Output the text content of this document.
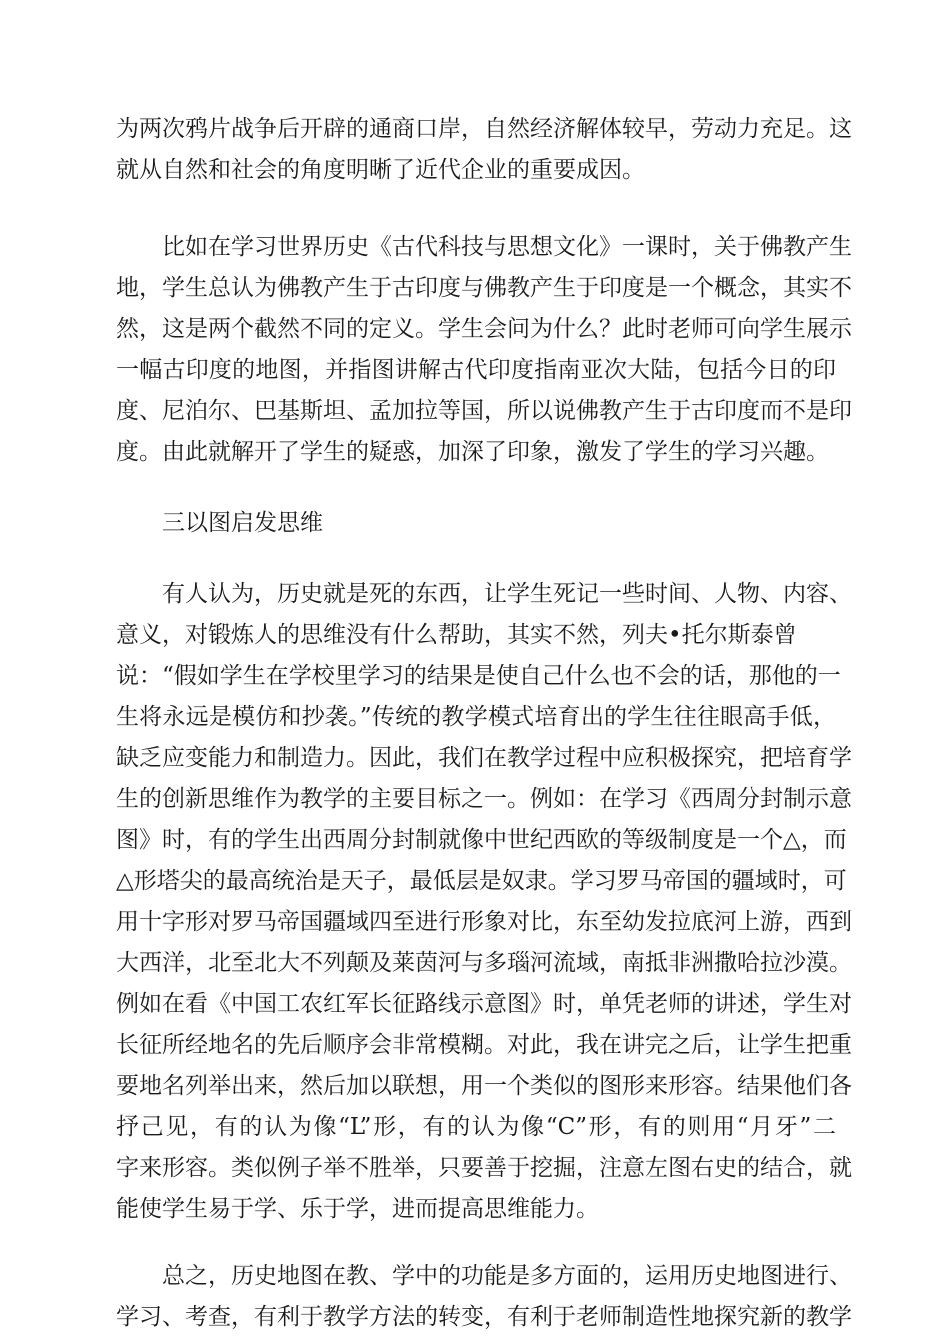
为两次鸦片战争后开辟的通商口岸，自然经济解体较早，劳动力充足。这
就从自然和社会的角度明晰了近代企业的重要成因。
比如在学习世界历史《古代科技与思想文化》一课时，关于佛教产生
地，学生总认为佛教产生于古印度与佛教产生于印度是一个概念，其实不
然，这是两个截然不同的定义。学生会问为什么？此时老师可向学生展示
一幅古印度的地图，并指图讲解古代印度指南亚次大陆，包括今日的印
度、尼泊尔、巴基斯坦、孟加拉等国，所以说佛教产生于古印度而不是印
度。由此就解开了学生的疑惑，加深了印象，激发了学生的学习兴趣。
三以图启发思维
有人认为，历史就是死的东西，让学生死记一些时间、人物、内容、
意义，对锻炼人的思维没有什么帮助，其实不然，列夫•托尔斯泰曾
说：“假如学生在学校里学习的结果是使自己什么也不会的话，那他的一
生将永远是模仿和抄袭。”传统的教学模式培育出的学生往往眼高手低，
缺乏应变能力和制造力。因此，我们在教学过程中应积极探究，把培育学
生的创新思维作为教学的主要目标之一。例如：在学习《西周分封制示意
图》时，有的学生出西周分封制就像中世纪西欧的等级制度是一个△，而
△形塔尖的最高统治是天子，最低层是奴隶。学习罗马帝国的疆域时，可
用十字形对罗马帝国疆域四至进行形象对比，东至幼发拉底河上游，西到
大西洋，北至北大不列颠及莱茵河与多瑙河流域，南抵非洲撒哈拉沙漠。
例如在看《中国工农红军长征路线示意图》时，单凭老师的讲述，学生对
长征所经地名的先后顺序会非常模糊。对此，我在讲完之后，让学生把重
要地名列举出来，然后加以联想，用一个类似的图形来形容。结果他们各
抒己见，有的认为像“L”形，有的认为像“C”形，有的则用“月牙”二
字来形容。类似例子举不胜举，只要善于挖掘，注意左图右史的结合，就
能使学生易于学、乐于学，进而提高思维能力。
总之，历史地图在教、学中的功能是多方面的，运用历史地图进行、
学习、考查，有利于教学方法的转变，有利于老师制造性地探究新的教学
